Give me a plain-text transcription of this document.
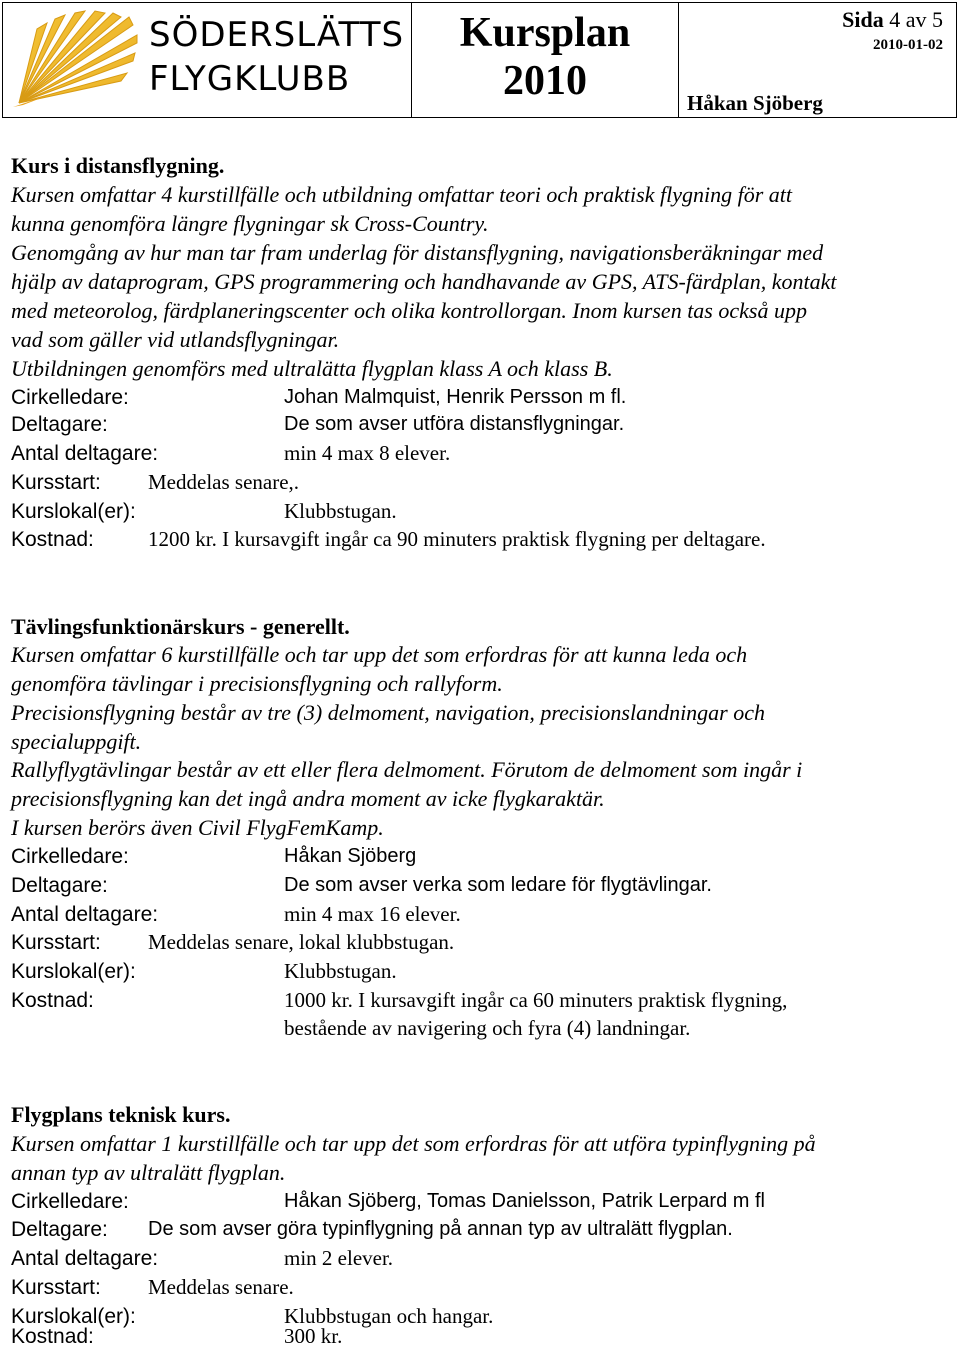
SÖDERSLÄTTS
FLYGKLUBB
Kursplan
2010
Sida 4 av 5
2010-01-02
Håkan Sjöberg
Kurs i distansflygning.
Kursen omfattar 4 kurstillfälle och utbildning omfattar teori och praktisk flygning för att
kunna genomföra längre flygningar sk Cross-Country.
Genomgång av hur man tar fram underlag för distansflygning, navigationsberäkningar med
hjälp av dataprogram, GPS programmering och handhavande av GPS, ATS-färdplan, kontakt
med meteorolog, färdplaneringscenter och olika kontrollorgan. Inom kursen tas också upp
vad som gäller vid utlandsflygningar.
Utbildningen genomförs med ultralätta flygplan klass A och klass B.
Cirkelledare:	Johan Malmquist, Henrik Persson m fl.
Deltagare:	De som avser utföra distansflygningar.
Antal deltagare:	min 4 max 8 elever.
Kursstart: Meddelas senare,.
Kurslokal(er):	Klubbstugan.
Kostnad:	1200 kr. I kursavgift ingår ca 90 minuters praktisk flygning per deltagare.
Tävlingsfunktionärskurs - generellt.
Kursen omfattar 6 kurstillfälle och tar upp det som erfordras för att kunna leda och
genomföra tävlingar i precisionsflygning och rallyform.
Precisionsflygning består av tre (3) delmoment, navigation, precisionslandningar och
specialuppgift.
Rallyflygtävlingar består av ett eller flera delmoment. Förutom de delmoment som ingår i
precisionsflygning kan det ingå andra moment av icke flygkaraktär.
I kursen berörs även Civil FlygFemKamp.
Cirkelledare:	Håkan Sjöberg
Deltagare:	De som avser verka som ledare för flygtävlingar.
Antal deltagare:	min 4 max 16 elever.
Kursstart: Meddelas senare, lokal klubbstugan.
Kurslokal(er):	Klubbstugan.
Kostnad:	1000 kr. I kursavgift ingår ca 60 minuters praktisk flygning,
bestående av navigering och fyra (4) landningar.
Flygplans teknisk kurs.
Kursen omfattar 1 kurstillfälle och tar upp det som erfordras för att utföra typinflygning på
annan typ av ultralätt flygplan.
Cirkelledare:	Håkan Sjöberg, Tomas Danielsson, Patrik Lerpard m fl
Deltagare: De som avser göra typinflygning på annan typ av ultralätt flygplan.
Antal deltagare:	min 2 elever.
Kursstart: Meddelas senare.
Kurslokal(er):	Klubbstugan och hangar.
Kostnad:	300 kr.
